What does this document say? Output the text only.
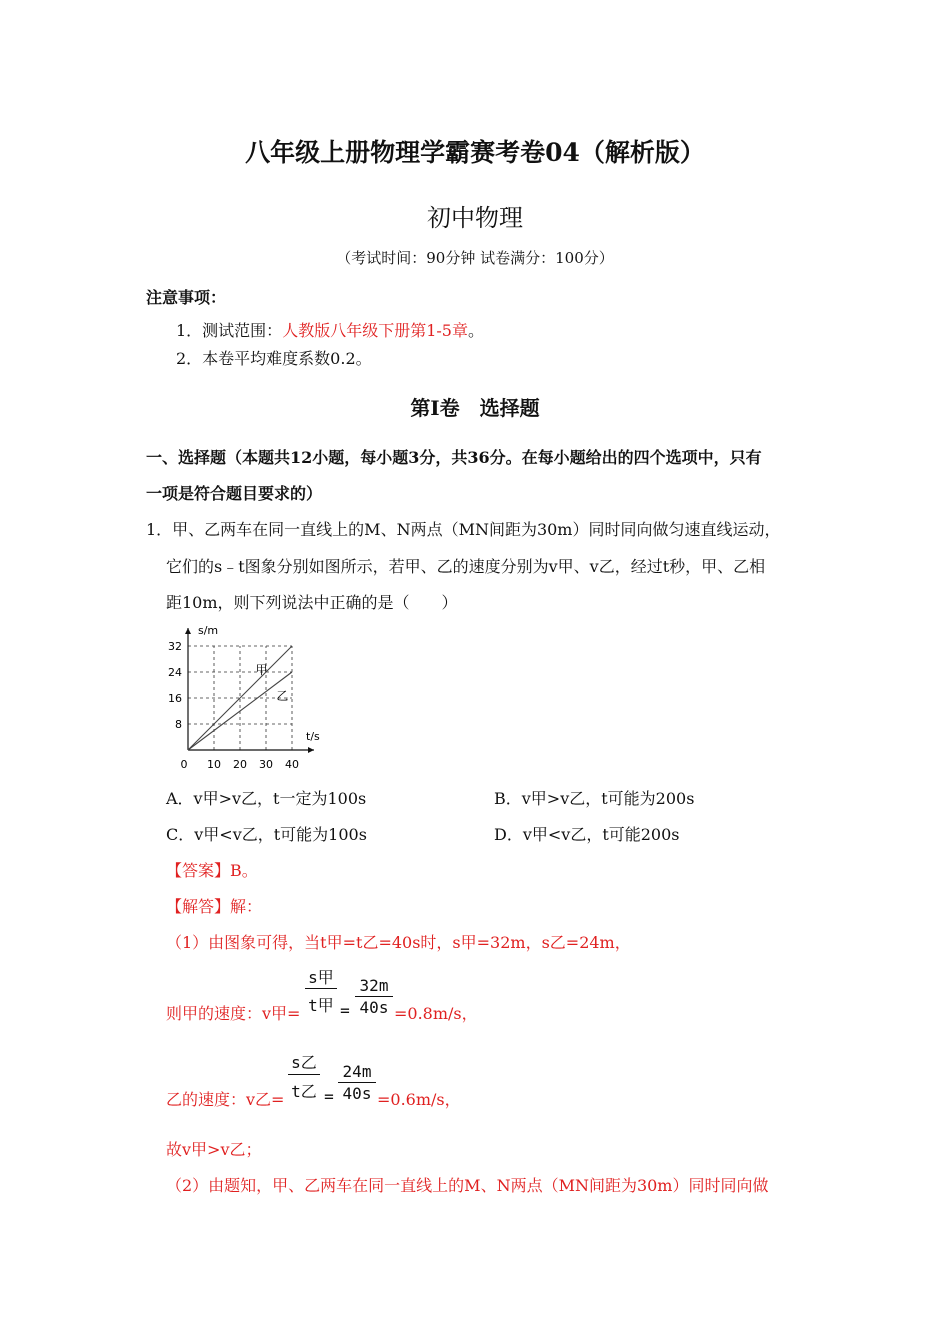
八年级上册物理学霸赛考卷04（解析版）
初中物理
（考试时间：90分钟 试卷满分：100分）
注意事项：
1．测试范围：人教版八年级下册第1-5章。
2．本卷平均难度系数0.2。
第Ⅰ卷　选择题
一、选择题（本题共12小题，每小题3分，共36分。在每小题给出的四个选项中，只有
一项是符合题目要求的）
1．甲、乙两车在同一直线上的M、N两点（MN间距为30m）同时同向做匀速直线运动，
它们的s﹣t图象分别如图所示，若甲、乙的速度分别为v甲、v乙，经过t秒，甲、乙相
距10m，则下列说法中正确的是（　　）
s/m
t/s
0 10 20 30 40
8
16
24
32
甲
乙
A．v甲>v乙，t一定为100s	B．v甲>v乙，t可能为200s
C．v甲<v乙，t可能为100s	D．v甲<v乙，t可能200s
【答案】B。
【解答】解：
（1）由图象可得，当t甲=t乙=40s时，s甲=32m，s乙=24m，
则甲的速度：v甲=
s甲
t甲 =
32m
40s =0.8m/s，
乙的速度：v乙=
s乙
t乙 =
24m
40s =0.6m/s，
故v甲>v乙；
（2）由题知，甲、乙两车在同一直线上的M、N两点（MN间距为30m）同时同向做
